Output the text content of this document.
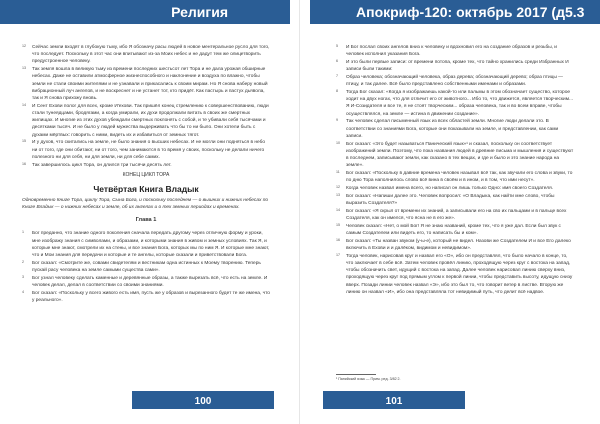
Религия
12 Сейчас земли входят в глубокую тьму, ибо Я обозначу расы людей в новое ментеральное русло для того, что последует. Поскольку в этот час они впитывают из-за Моих небес и не дадут тем же олицетворить предустроенное человеку.
13 Так земля вошла в великую тьму из времени последних шестьсот лет Тора и не дала урожая обширные небесах. Даже не оставили атмосферное жизнеспособного и наклонение и воздуха по влажно, чтобы земли не стали своими жителями и не узнавали и прикасались к своим мирам. Но Я снова наберу новый вибрационный луч ангелов, и не воскреснет и не устанет тот, кто придёт. Как пастырь и пастух дьявола, так и Я снова прихожу вновь.
14 И Сент Ехови полог для всех, кроме И'ехови. Так пришёл конец стремлению к совершенствованию, люди стали тунеядцами, бродягами, а когда умирали, их духи продолжали витать в своих же смертных жилищах. И многие из этих духов убеждали смертных поклонять с собой, и те убивали себя тысячами и десятками тысяч. И не было у людей мужества выдерживать что бы то ни было. Они хотели быть с духами мёртвых: говорить с ними, видеть их и избавиться от земных тягот.
15 И у духов, что скитались на земле, не было знания о высших небесах. И не могли они подняться в небо ни от того, где они обитают, ни от того, чем занимаются в то время у своих, поскольку не делали ничего полезного ни для себя, ни для земли, ни для себе самих.
16 Так завершилось цикл Тора, он длился три тысячи десять лет.
КОНЕЦ ЦИКЛ ТОРА
Четвёртая Книга Владык
Одновременно Книге Тора, циклу Тора, Сына Бога, и поскольку последнем — о вышних и нижних небесах по Книге Владык — о нижних небесах и земле, об их ангелах и о тех земных периодах и временах.
Глава 1
1 Бог преданно, что знание одного поколения сначала передать другому через отличную форму и уроки, мне изображу знания с символами, и образами, и которыми знания в живом и земных условиях. Так Я, и которые мне знают, смотрели их на стены, и все знания Бога, которых мы по ним Я. И которые мне знают, что и Мои знания для передачи и которые и те ангелы, которые сказали и приветствовали Бога.
2 Бог сказал: «Смотрите же, совами свидетелям и вестникам одна истинных к Моему творению. Теперь пускай расу человека на земле самыми существа сами».
3 Бог узнал человеку сделать каменные и деревянные образы, а также вырезать всё, что есть на земле. И человек делал, делал в соответствии со своими знаниями.
4 Бог сказал: «Поскольку у всего живого есть имя, пусть же у образов и вырезанного будет те же имена, что у реального».
100
Апокриф-120: октябрь 2017 (д5.3 е.л.)
5 И Бог послал своих ангелов вниз к человеку и вдохновил его на создание образов и резьбы, и человек исполнил указания Бога.
6 И это были первые записи: от времени потопа, кроме тех, что тайно хранились среди Избранных И записи были такими:
7 Образ человека; обозначающий человека, образ дерева; обозначающий дерево; образ птицы — птицу, и так далее. Всё было представлено собственными именами и образами.
8 Тогда Бог сказал: «Когда я изображаешь какой-то или пальмы в этом обозначает существо, которое ходит на двух ногах, что для отличит его от животного... Ибо то, что движется, является творческим... Я И-Созидателя и все те, я не стоят творческим... образа человека, так и во всем вправе, чтобы осуществлялся, на земле — истина в движении создание».
9 Так человек сделал письменный язык из всех областей земли. Многие люди делали это. В соответствии со знаниями Бога, которые они показывали на земле, и представлении, как сами записи.
10 Бог сказал: «Это будет называться Панический язык»¹ и сказал, поскольку он соответствует изображений земли. Поэтому, что пока названия людей в древние письма и мышления и существуют в последнем, записывают земли, как сказано в тех вещах, и где и было и это знание народа на земле».
11 Бог сказал: «Поскольку в давние времена человек называл всё так, как звучали его слова и звуки, то по дню Тора наполнилось слово всё вина в своём и в ином, и в том, что ими несут».
12 Когда человек назвал имена всего, но написал он лишь только Одно: имя своего Создателя.
13 Бог сказал: «Напиши далее это. Человек вопросил: «О Владыка, как найти мне слово, чтобы выразить Создателя?»
14 Бог сказал: «Я скрыл от времени их знаний, а записывали его на сво их пальцами и в пальце всех Создателя, как он имелся, что ясна не в его же».
15 Человек сказал: «Нет, о мой Бог! Я не знаю названий, кроме тех, что я уже дал. Если был звук с самым Создателем или видеть его, то написать бы и ком».
16 Бог сказал: «Ты назван звуком (у-ы-е), который не видел. Назови же Создателем И и все Его далеко включить в Ехови и и далёком, видимом и невидимом».
17 Тогда человек, нарисовав круг и назвал его «О», ибо он представлял, что было начало в конце, то, что заключает в себе всё. Затем человек провёл линию, проходящую через круг с востока на запад, чтобы обозначить свет, идущий с востока на запад. Далее человек нарисовал линию сверху вниз, проходящую через круг под прямым углом к первой линии, чтобы представить высоту, идущую снизу вверх. Позади линии человек назвал «Э», ибо это был то, что говорит ветер в листве. Вторую же линию он назвал «И», ибо она представляла тот невидимый путь, что делит всё надвое.
¹ Панийский язык — Прим. ред. 3/82 2.
101
